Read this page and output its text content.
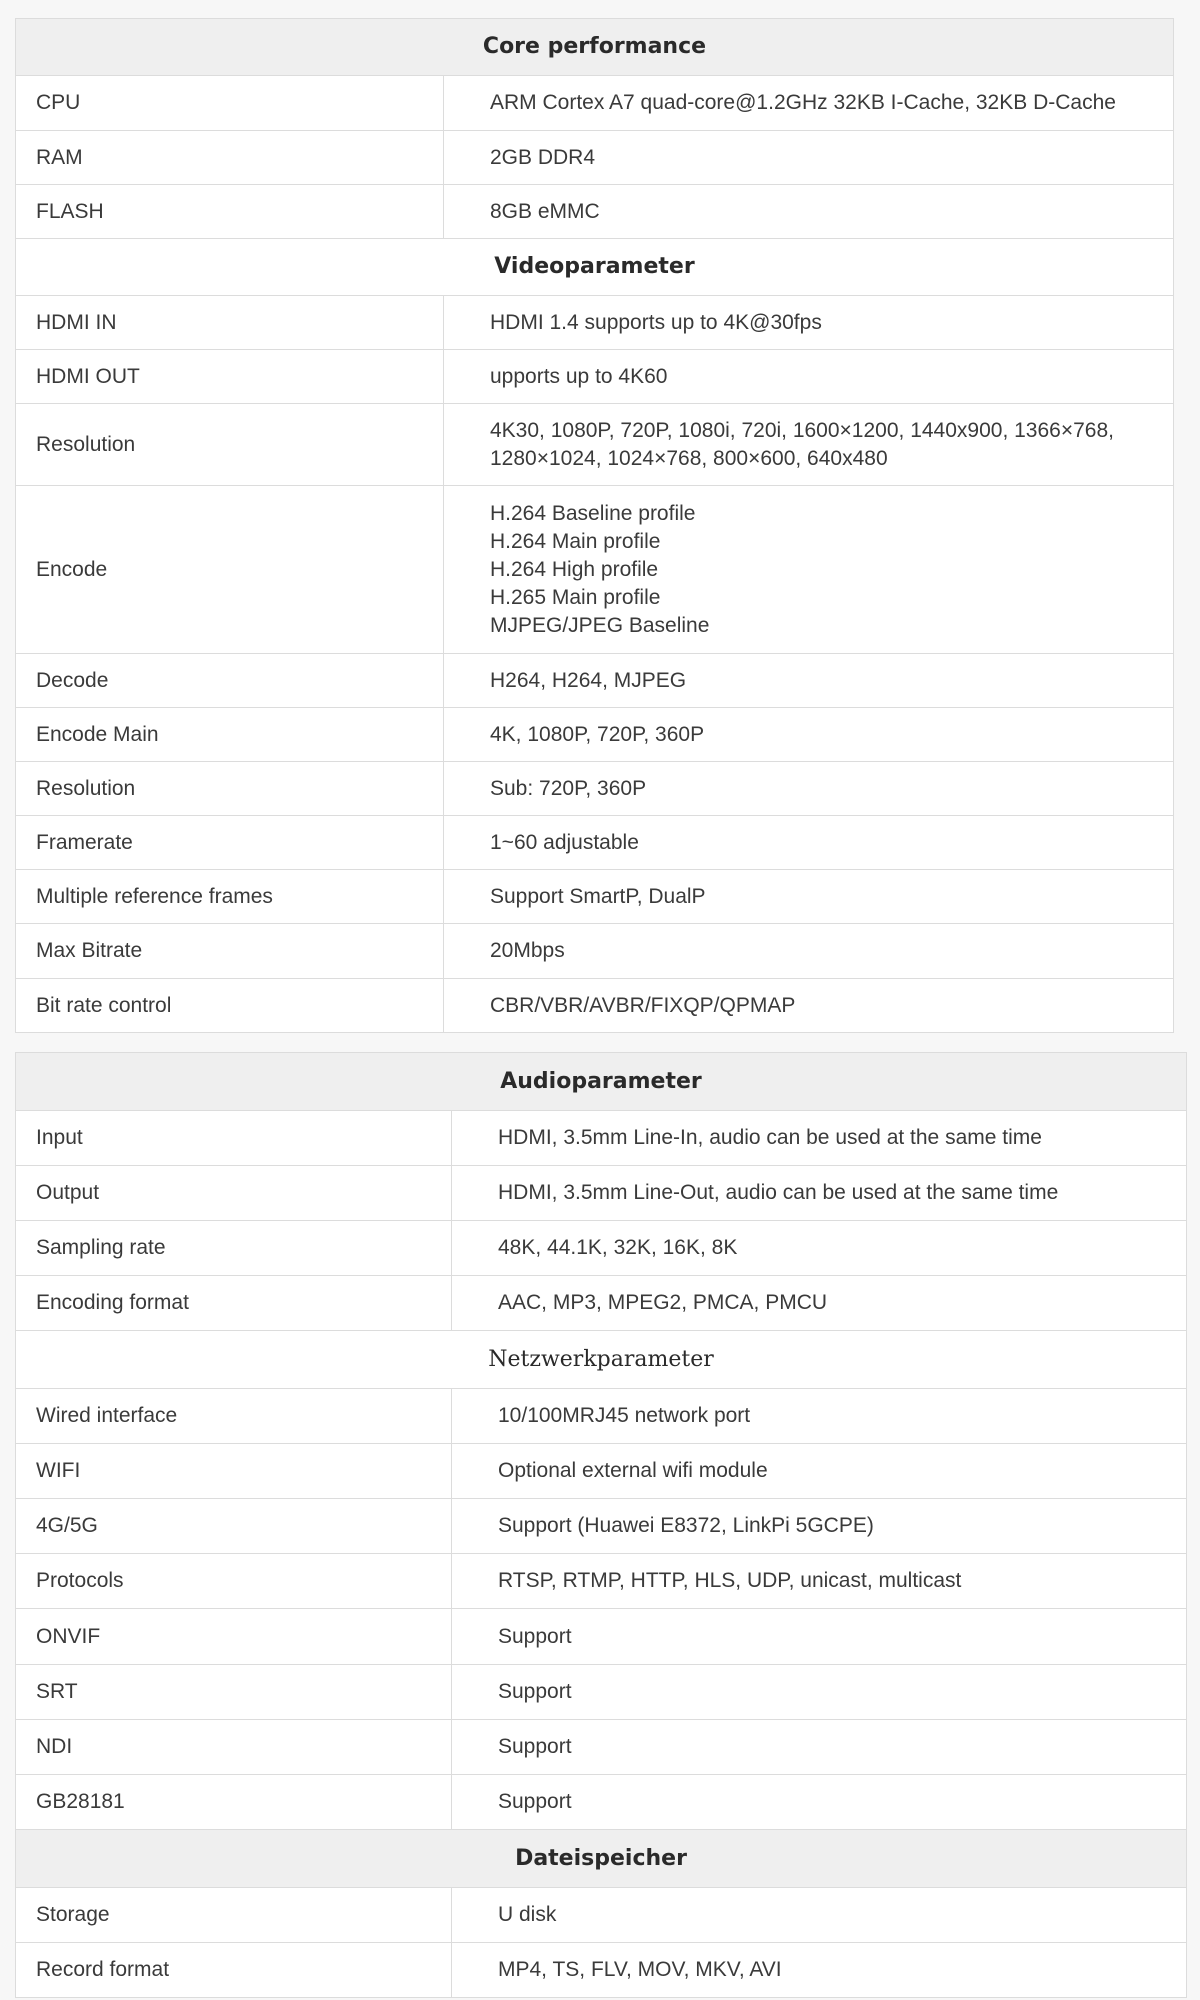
Core performance	
CPU	ARM Cortex A7 quad-core@1.2GHz 32KB I-Cache, 32KB D-Cache
RAM	2GB DDR4
FLASH	8GB eMMC
Videoparameter	
HDMI IN	HDMI 1.4 supports up to 4K@30fps
HDMI OUT	upports up to 4K60
Resolution	4K30, 1080P, 720P, 1080i, 720i, 1600×1200, 1440x900, 1366×768,
1280×1024, 1024×768, 800×600, 640x480
Encode	H.264 Baseline profile
H.264 Main profile
H.264 High profile
H.265 Main profile
MJPEG/JPEG Baseline
Decode	H264, H264, MJPEG
Encode Main	4K, 1080P, 720P, 360P
Resolution	Sub: 720P, 360P
Framerate	1~60 adjustable
Multiple reference frames	Support SmartP, DualP
Max Bitrate	20Mbps
Bit rate control	CBR/VBR/AVBR/FIXQP/QPMAP
Audioparameter	
Input	HDMI, 3.5mm Line-In, audio can be used at the same time
Output	HDMI, 3.5mm Line-Out, audio can be used at the same time
Sampling rate	48K, 44.1K, 32K, 16K, 8K
Encoding format	AAC, MP3, MPEG2, PMCA, PMCU
Netzwerkparameter	
Wired interface	10/100MRJ45 network port
WIFI	Optional external wifi module
4G/5G	Support (Huawei E8372, LinkPi 5GCPE)
Protocols	RTSP, RTMP, HTTP, HLS, UDP, unicast, multicast
ONVIF	Support
SRT	Support
NDI	Support
GB28181	Support
Dateispeicher	
Storage	U disk
Record format	MP4, TS, FLV, MOV, MKV, AVI
